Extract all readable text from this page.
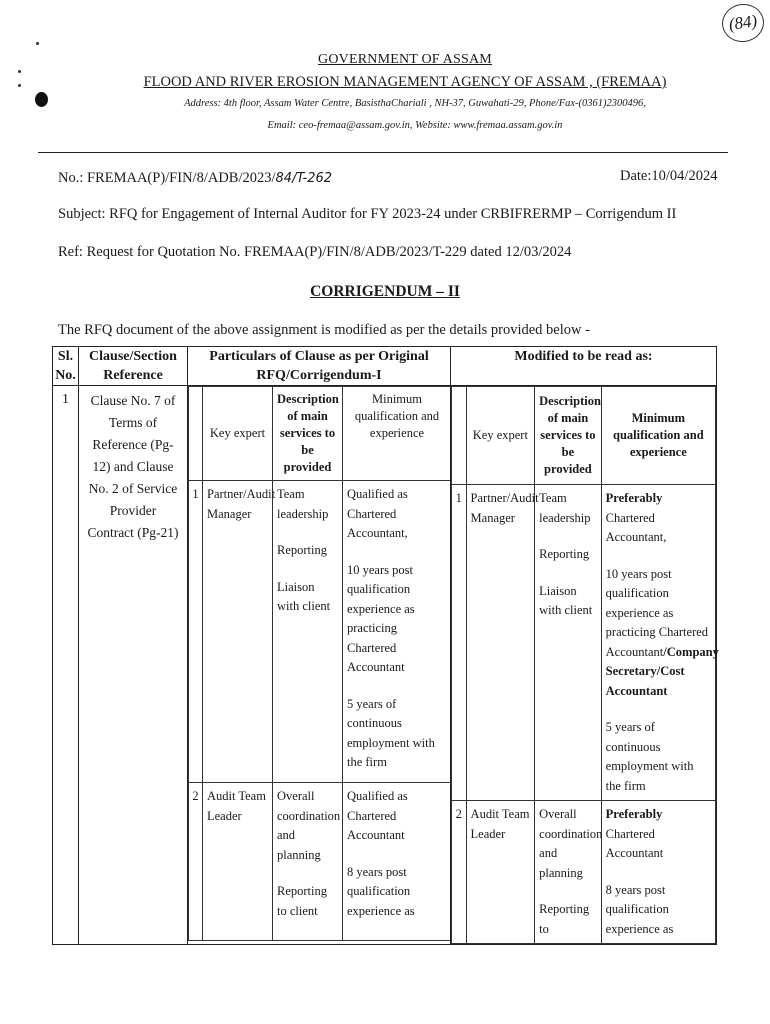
(84)
GOVERNMENT OF ASSAM
FLOOD AND RIVER EROSION MANAGEMENT AGENCY OF ASSAM , (FREMAA)
Address: 4th floor, Assam Water Centre, BasisthaChariali , NH-37, Guwahati-29, Phone/Fax-(0361)2300496,
Email: ceo-fremaa@assam.gov.in, Website: www.fremaa.assam.gov.in
No.: FREMAA(P)/FIN/8/ADB/2023/84/T-262	Date:10/04/2024
Subject: RFQ for Engagement of Internal Auditor for FY 2023-24 under CRBIFRERMP – Corrigendum II
Ref: Request for Quotation No. FREMAA(P)/FIN/8/ADB/2023/T-229 dated 12/03/2024
CORRIGENDUM – II
The RFQ document of the above assignment is modified as per the details provided below -
Sl. No.	Clause/Section Reference	Particulars of Clause as per Original RFQ/Corrigendum-I	Modified to be read as:
1	Clause No. 7 of Terms of Reference (Pg-12) and Clause No. 2 of Service Provider Contract (Pg-21)	
	Key expert	Description of main services to be provided	Minimum qualification and experience
1	Partner/Audit Manager	Team leadership
Reporting
Liaison with client	Qualified as Chartered Accountant,
10 years post qualification experience as practicing Chartered Accountant
5 years of continuous employment with the firm
2	Audit Team Leader	Overall coordination and planning
Reporting to client	Qualified as Chartered Accountant
8 years post qualification experience as

	Key expert	Description of main services to be provided	Minimum qualification and experience
1	Partner/Audit Manager	Team leadership
Reporting
Liaison with client	Preferably Chartered Accountant,
10 years post qualification experience as practicing Chartered Accountant/Company Secretary/Cost Accountant
5 years of continuous employment with the firm
2	Audit Team Leader	Overall coordination and planning
Reporting to	Preferably Chartered Accountant
8 years post qualification experience as
